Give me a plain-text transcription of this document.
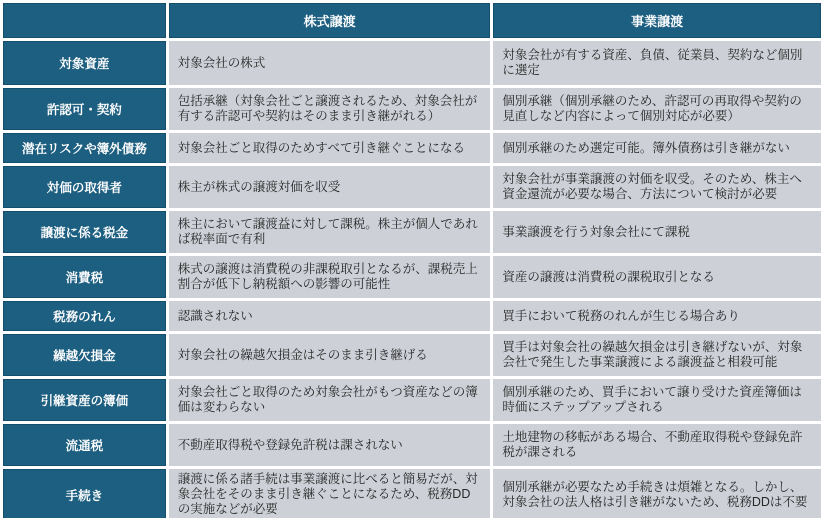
	株式譲渡	事業譲渡
対象資産	対象会社の株式	対象会社が有する資産、負債、従業員、契約など個別に選定
許認可・契約	包括承継（対象会社ごと譲渡されるため、対象会社が有する許認可や契約はそのまま引き継がれる）	個別承継（個別承継のため、許認可の再取得や契約の見直しなど内容によって個別対応が必要）
潜在リスクや簿外債務	対象会社ごと取得のためすべて引き継ぐことになる	個別承継のため選定可能。簿外債務は引き継がない
対価の取得者	株主が株式の譲渡対価を収受	対象会社が事業譲渡の対価を収受。そのため、株主へ資金還流が必要な場合、方法について検討が必要
譲渡に係る税金	株主において譲渡益に対して課税。株主が個人であれば税率面で有利	事業譲渡を行う対象会社にて課税
消費税	株式の譲渡は消費税の非課税取引となるが、課税売上割合が低下し納税額への影響の可能性	資産の譲渡は消費税の課税取引となる
税務のれん	認識されない	買手において税務のれんが生じる場合あり
繰越欠損金	対象会社の繰越欠損金はそのまま引き継げる	買手は対象会社の繰越欠損金は引き継げないが、対象会社で発生した事業譲渡による譲渡益と相殺可能
引継資産の簿価	対象会社ごと取得のため対象会社がもつ資産などの簿価は変わらない	個別承継のため、買手において譲り受けた資産簿価は時価にステップアップされる
流通税	不動産取得税や登録免許税は課されない	土地建物の移転がある場合、不動産取得税や登録免許税が課される
手続き	譲渡に係る諸手続は事業譲渡に比べると簡易だが、対象会社をそのまま引き継ぐことになるため、税務DDの実施などが必要	個別承継が必要なため手続きは煩雑となる。しかし、対象会社の法人格は引き継がないため、税務DDは不要
